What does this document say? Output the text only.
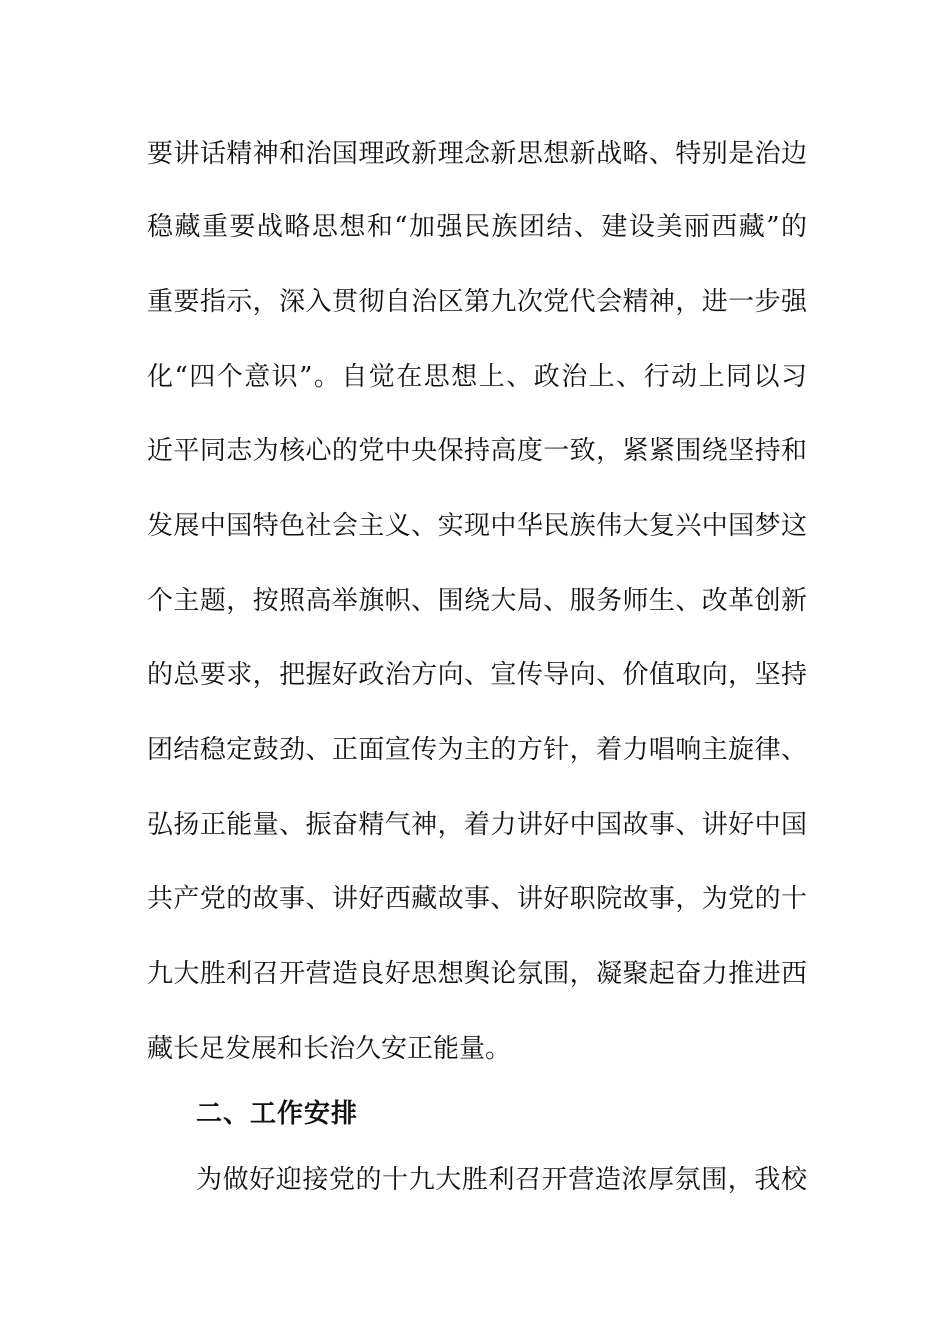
要讲话精神和治国理政新理念新思想新战略、特别是治边
稳藏重要战略思想和“加强民族团结、建设美丽西藏”的
重要指示，深入贯彻自治区第九次党代会精神，进一步强
化“四个意识”。自觉在思想上、政治上、行动上同以习
近平同志为核心的党中央保持高度一致，紧紧围绕坚持和
发展中国特色社会主义、实现中华民族伟大复兴中国梦这
个主题，按照高举旗帜、围绕大局、服务师生、改革创新
的总要求，把握好政治方向、宣传导向、价值取向，坚持
团结稳定鼓劲、正面宣传为主的方针，着力唱响主旋律、
弘扬正能量、振奋精气神，着力讲好中国故事、讲好中国
共产党的故事、讲好西藏故事、讲好职院故事，为党的十
九大胜利召开营造良好思想舆论氛围，凝聚起奋力推进西
藏长足发展和长治久安正能量。
二、工作安排
为做好迎接党的十九大胜利召开营造浓厚氛围，我校
